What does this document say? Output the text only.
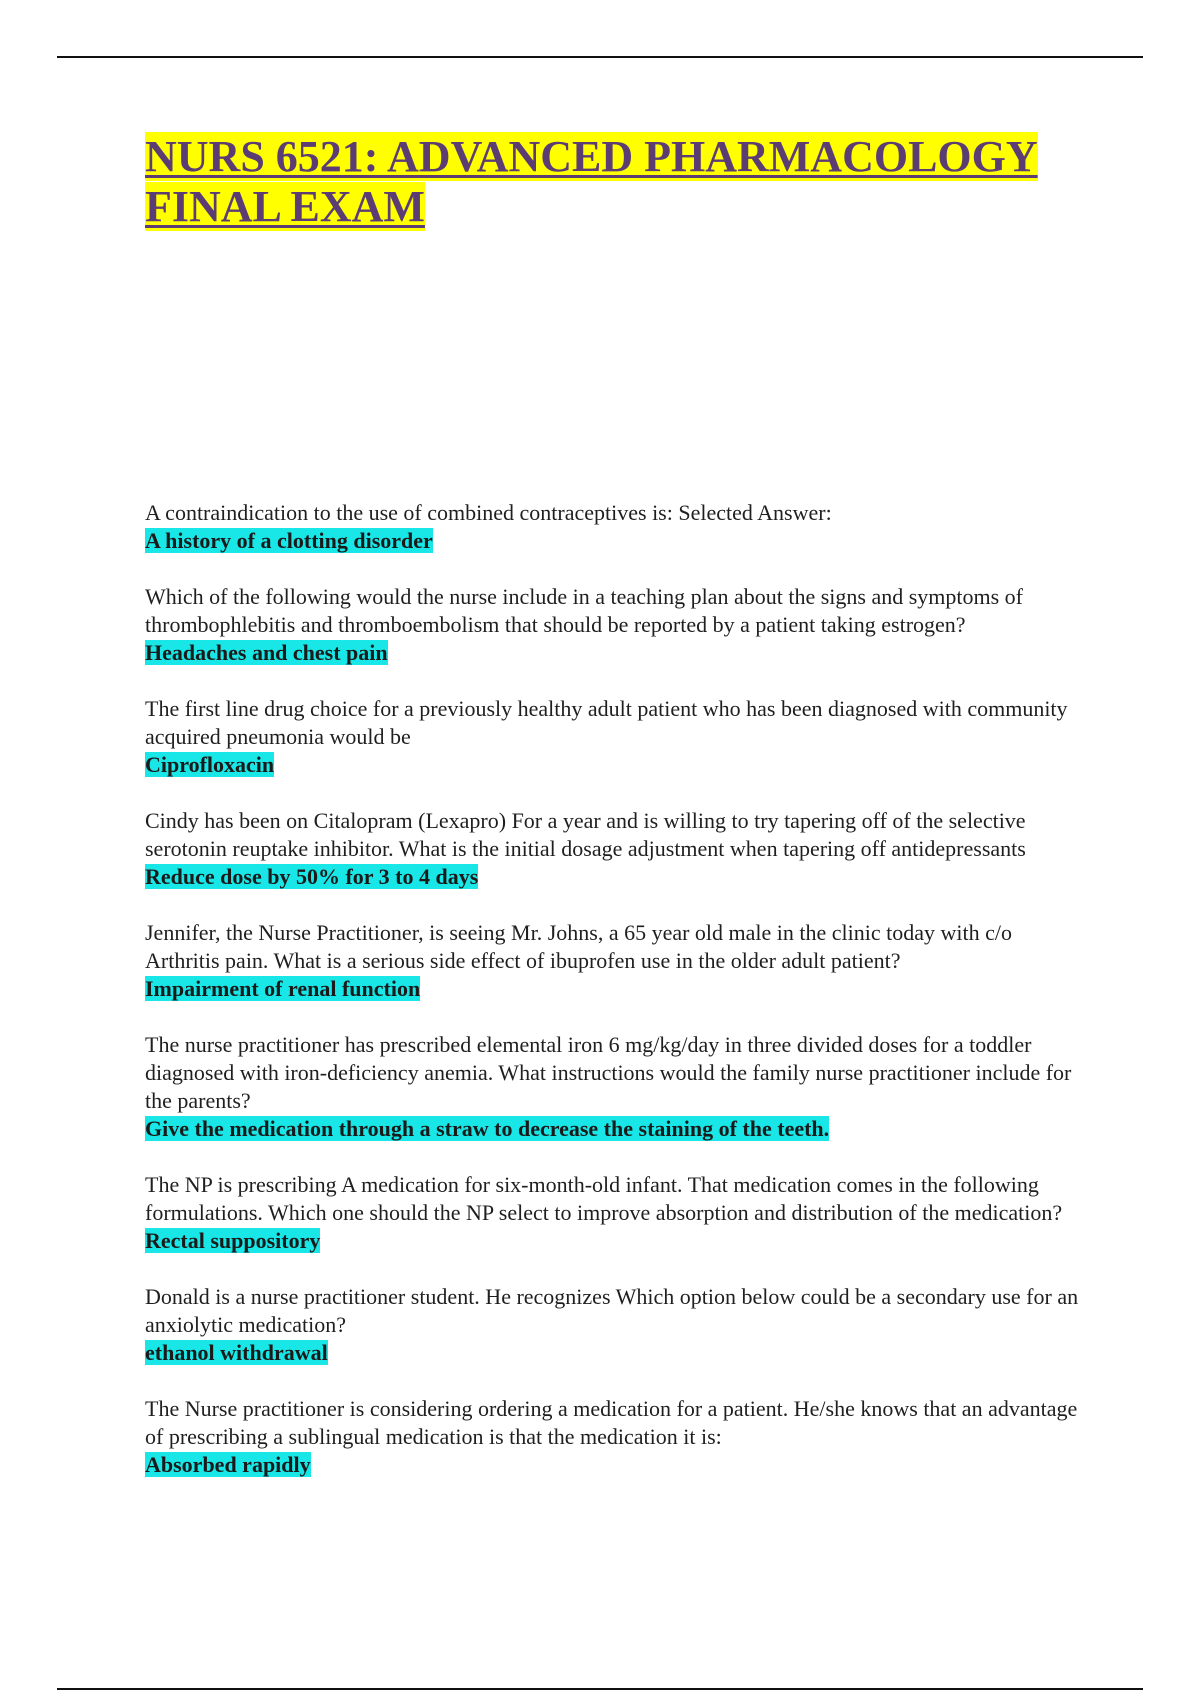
NURS 6521: ADVANCED PHARMACOLOGY FINAL EXAM

A contraindication to the use of combined contraceptives is: Selected Answer:

A history of a clotting disorder

Which of the following would the nurse include in a teaching plan about the signs and symptoms of thrombophlebitis and thromboembolism that should be reported by a patient taking estrogen?

Headaches and chest pain

The first line drug choice for a previously healthy adult patient who has been diagnosed with community acquired pneumonia would be

Ciprofloxacin

Cindy has been on Citalopram (Lexapro) For a year and is willing to try tapering off of the selective serotonin reuptake inhibitor. What is the initial dosage adjustment when tapering off antidepressants

Reduce dose by 50% for 3 to 4 days

Jennifer, the Nurse Practitioner, is seeing Mr. Johns, a 65 year old male in the clinic today with c/o Arthritis pain. What is a serious side effect of ibuprofen use in the older adult patient?

Impairment of renal function

The nurse practitioner has prescribed elemental iron 6 mg/kg/day in three divided doses for a toddler diagnosed with iron-deficiency anemia. What instructions would the family nurse practitioner include for the parents?

Give the medication through a straw to decrease the staining of the teeth.

The NP is prescribing A medication for six-month-old infant. That medication comes in the following formulations. Which one should the NP select to improve absorption and distribution of the medication?

Rectal suppository

Donald is a nurse practitioner student. He recognizes Which option below could be a secondary use for an anxiolytic medication?

ethanol withdrawal

The Nurse practitioner is considering ordering a medication for a patient. He/she knows that an advantage of prescribing a sublingual medication is that the medication it is:

Absorbed rapidly
